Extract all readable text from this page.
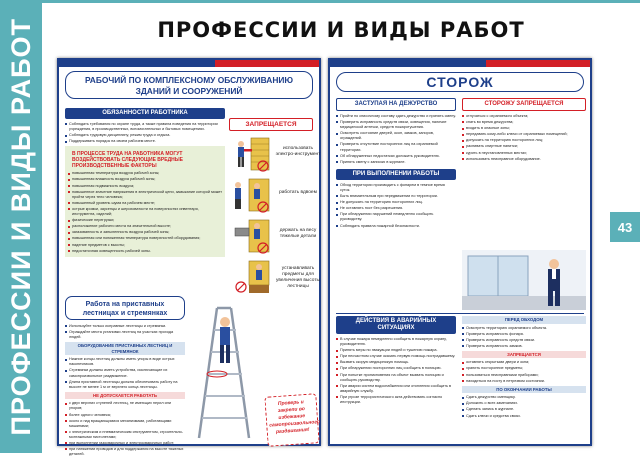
ПРОФЕССИИ И ВИДЫ РАБОТ	ПРОФЕССИИ И ВИДЫ РАБОТ
43
РАБОЧИЙ ПО КОМПЛЕКСНОМУ ОБСЛУЖИВАНИЮ ЗДАНИЙ И СООРУЖЕНИЙ
ОБЯЗАННОСТИ РАБОТНИКА
Соблюдать требования по охране труда, а также правила поведения на территории учреждения, в производственных, вспомогательных и бытовых помещениях.
Соблюдать трудовую дисциплину, режим труда и отдыха.
Поддерживать порядок на своем рабочем месте.
В ПРОЦЕССЕ ТРУДА НА РАБОТНИКА МОГУТ ВОЗДЕЙСТВОВАТЬ СЛЕДУЮЩИЕ ВРЕДНЫЕ ПРОИЗВОДСТВЕННЫЕ ФАКТОРЫ
повышенная температура воздуха рабочей зоны;
повышенная влажность воздуха рабочей зоны;
повышенная подвижность воздуха;
повышенное значение напряжения в электрической цепи, замыкание которой может пройти через тело человека;
повышенный уровень шума на рабочем месте;
острые кромки, заусенцы и шероховатости на поверхностях инвентаря, инструмента, изделий;
физические перегрузки;
расположение рабочего места на значительной высоте;
загазованность и запыленность воздуха рабочей зоны;
повышенная или пониженная температура поверхностей оборудования;
падение предметов с высоты;
недостаточная освещенность рабочей зоны.
ЗАПРЕЩАЕТСЯ
использовать электро-инструмент
работать вдвоем
держать на весу тяжелые детали
устанавливать предметы для увеличения высоты лестницы
Работа на приставных лестницах и стремянках
Используйте только исправные лестницы и стремянки.
Ограждайте места установки лестниц на участках прохода людей.
ОБОРУДОВАНИЕ ПРИСТАВНЫХ ЛЕСТНИЦ И СТРЕМЯНОК
Нижние концы лестниц должны иметь упоры в виде острых наконечников.
Стремянки должны иметь устройства, исключающие их самопроизвольное раздвижение.
Длина приставной лестницы должна обеспечивать работу на высоте не менее 1 м от верхнего конца лестницы.
НЕ ДОПУСКАЕТСЯ РАБОТАТЬ
с двух верхних ступеней лестниц, не имеющих перил или упоров;
более одного человека;
около и над вращающимися механизмами, работающими машинами;
с электрическим и пневматическим инструментом, строительно-монтажными пистолетами;
при выполнении газосварочных и электросварочных работ;
при натяжении проводов и для поддержания на высоте тяжелых деталей.
Проверь и закрепи во избежание самопроизвольного раздвигания!
СТОРОЖ
ЗАСТУПАЯ НА ДЕЖУРСТВО
Пройти по списочному составу сдать дежурство и принять смену.
Проверить исправность средств связи, освещения, наличие медицинской аптечки, средств пожаротушения.
Осмотреть состояние дверей, окон, замков, запоров, ограждений.
Проверить отсутствие посторонних лиц на охраняемой территории.
Об обнаруженных недостатках доложить руководителю.
Принять смену с записью в журнале.
ПРИ ВЫПОЛНЕНИИ РАБОТЫ
Обход территории производить с фонарем в темное время суток.
Быть внимательным при передвижении по территории.
Не допускать на территорию посторонних лиц.
Не оставлять пост без разрешения.
При обнаружении нарушений немедленно сообщить руководству.
Соблюдать правила пожарной безопасности.
СТОРОЖУ ЗАПРЕЩАЕТСЯ
отлучаться с охраняемого объекта;
спать во время дежурства;
входить в опасные зоны;
передавать кому-либо ключи от охраняемых помещений;
допускать на территорию посторонних лиц;
распивать спиртные напитки;
курить в неустановленных местах;
использовать неисправное оборудование.
ДЕЙСТВИЯ В АВАРИЙНЫХ СИТУАЦИЯХ
В случае пожара немедленно сообщить в пожарную охрану, руководителю.
Принять меры по эвакуации людей и тушению пожара.
При несчастном случае оказать первую помощь пострадавшему.
Вызвать скорую медицинскую помощь.
При обнаружении посторонних лиц сообщить в полицию.
При попытке проникновения на объект вызвать полицию и сообщить руководству.
При аварии систем водоснабжения или отопления сообщить в аварийную службу.
При угрозе террористического акта действовать согласно инструкции.
ПЕРЕД ОБХОДОМ
Осмотреть территорию охраняемого объекта.
Проверить исправность фонаря.
Проверить исправность средств связи.
Проверить исправность замков.
ЗАПРЕЩАЕТСЯ
оставлять открытыми двери и окна;
хранить посторонние предметы;
пользоваться неисправными приборами;
находиться на посту в нетрезвом состоянии.
ПО ОКОНЧАНИИ РАБОТЫ
Сдать дежурство сменщику.
Доложить о всех замечаниях.
Сделать запись в журнале.
Сдать ключи и средства связи.
